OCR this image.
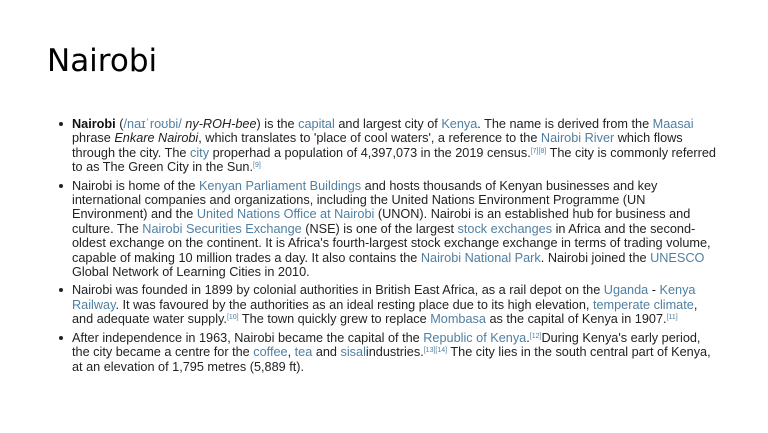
Nairobi
Nairobi (/naɪˈroʊbi/ ny-ROH-bee) is the capital and largest city of Kenya. The name is derived from the Maasai phrase Enkare Nairobi, which translates to 'place of cool waters', a reference to the Nairobi River which flows through the city. The city properhad a population of 4,397,073 in the 2019 census.[7][8] The city is commonly referred to as The Green City in the Sun.[9]
Nairobi is home of the Kenyan Parliament Buildings and hosts thousands of Kenyan businesses and key international companies and organizations, including the United Nations Environment Programme (UN Environment) and the United Nations Office at Nairobi (UNON). Nairobi is an established hub for business and culture. The Nairobi Securities Exchange (NSE) is one of the largest stock exchanges in Africa and the second-oldest exchange on the continent. It is Africa's fourth-largest stock exchange exchange in terms of trading volume, capable of making 10 million trades a day. It also contains the Nairobi National Park. Nairobi joined the UNESCO Global Network of Learning Cities in 2010.
Nairobi was founded in 1899 by colonial authorities in British East Africa, as a rail depot on the Uganda - Kenya Railway. It was favoured by the authorities as an ideal resting place due to its high elevation, temperate climate, and adequate water supply.[10] The town quickly grew to replace Mombasa as the capital of Kenya in 1907.[11]
After independence in 1963, Nairobi became the capital of the Republic of Kenya.[12]During Kenya's early period, the city became a centre for the coffee, tea and sisalindustries.[13][14] The city lies in the south central part of Kenya, at an elevation of 1,795 metres (5,889 ft).
